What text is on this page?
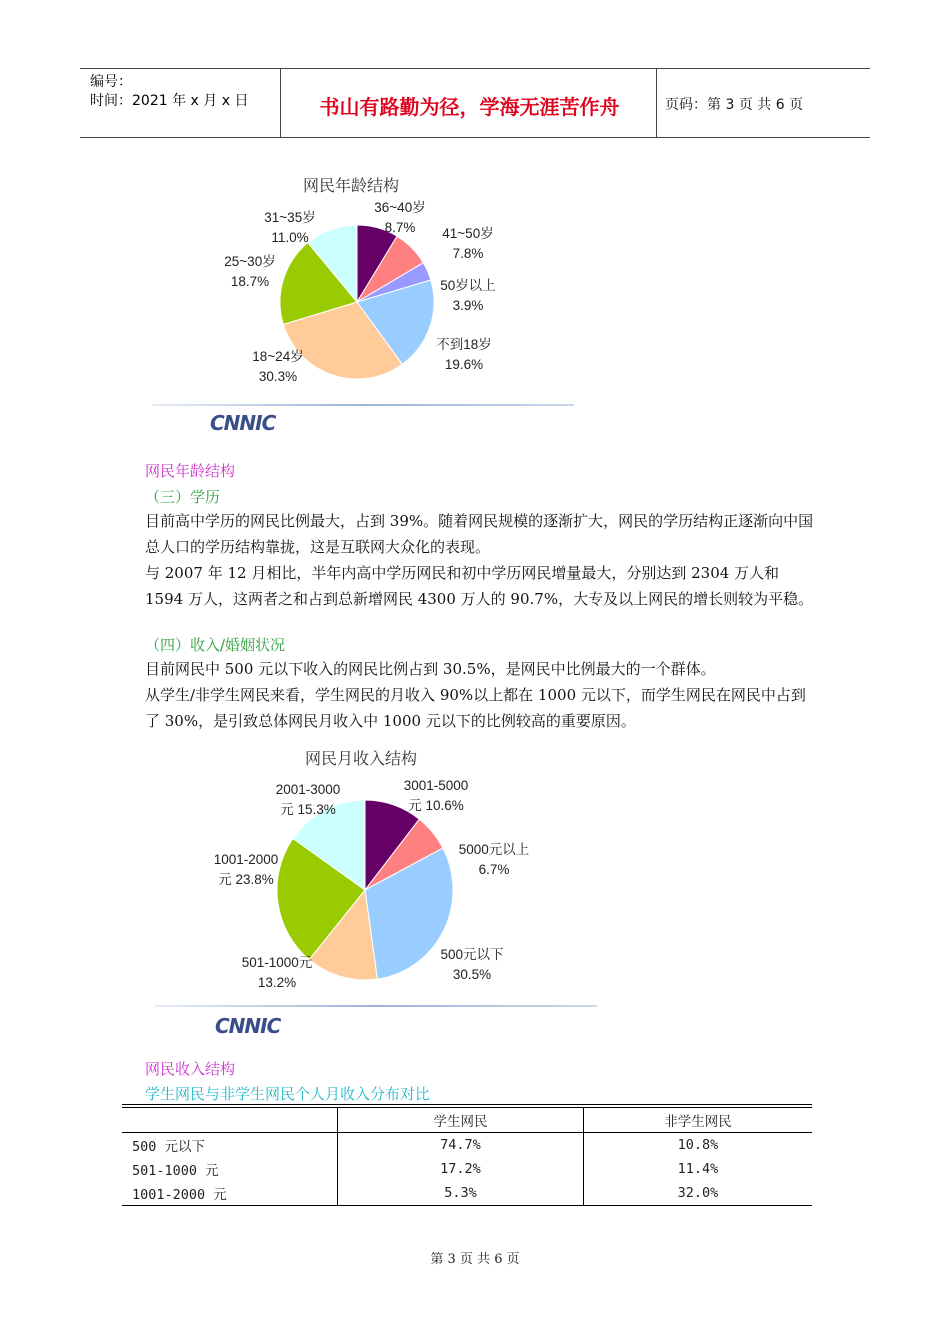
编号：
时间：2021 年 x 月 x 日	书山有路勤为径，学海无涯苦作舟	页码：第 3 页 共 6 页
网民年龄结构
36~40岁
8.7%	41~50岁
7.8%
50岁以上
3.9%
不到18岁
19.6%
18~24岁
30.3%
25~30岁
18.7%
31~35岁
11.0%
CNNIC
网民年龄结构
（三）学历
目前高中学历的网民比例最大，占到 39%。随着网民规模的逐渐扩大，网民的学历结构正逐渐向中国总人口的学历结构靠拢，这是互联网大众化的表现。
与 2007 年 12 月相比，半年内高中学历网民和初中学历网民增量最大，分别达到 2304 万人和 1594 万人，这两者之和占到总新增网民 4300 万人的 90.7%，大专及以上网民的增长则较为平稳。
（四）收入/婚姻状况
目前网民中 500 元以下收入的网民比例占到 30.5%，是网民中比例最大的一个群体。
从学生/非学生网民来看，学生网民的月收入 90%以上都在 1000 元以下，而学生网民在网民中占到了 30%，是引致总体网民月收入中 1000 元以下的比例较高的重要原因。
网民月收入结构
3001-5000
元 10.6%
5000元以上
6.7%
500元以下
30.5%
501-1000元
13.2%
1001-2000
元 23.8%
2001-3000
元 15.3%
CNNIC
网民收入结构
学生网民与非学生网民个人月收入分布对比
	学生网民	非学生网民
500 元以下	74.7%	10.8%
501-1000 元	17.2%	11.4%
1001-2000 元	5.3%	32.0%
第 3 页 共 6 页
